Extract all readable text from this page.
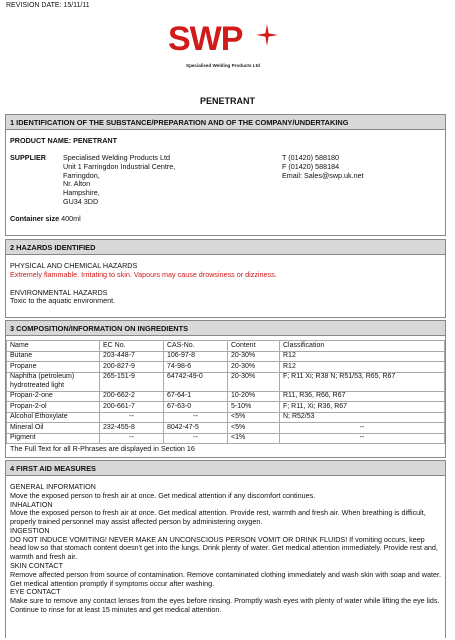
REVISION DATE: 15/11/11
SWP
Specialised Welding Products Ltd
PENETRANT
1 IDENTIFICATION OF THE SUBSTANCE/PREPARATION AND OF THE COMPANY/UNDERTAKING
PRODUCT NAME: PENETRANT
SUPPLIER Specialised Welding Products Ltd
Unit 1 Farringdon Industrial Centre,
Farringdon,
Nr. Alton
Hampshire,
GU34 3DD
T (01420) 588180
F (01420) 588184
Email: Sales@swp.uk.net
Container size 400ml
2 HAZARDS IDENTIFIED
PHYSICAL AND CHEMICAL HAZARDS
Extremely flammable. Irritating to skin. Vapours may cause drowsiness or dizziness.
ENVIRONMENTAL HAZARDS
Toxic to the aquatic environment.
3 COMPOSITION/INFORMATION ON INGREDIENTS
Name	EC No.	CAS-No.	Content	Classification
Butane	203-448-7	106-97-8	20-30%	R12
Propane	200-827-9	74-98-6	20-30%	R12
Naphtha (petroleum) hydrotreated light	265-151-9	64742-49-0	20-30%	F; R11 Xi; R38 N; R51/53, R65, R67
Propan-2-one	200-662-2	67-64-1	10-20%	R11, R36, R66, R67
Propan-2-ol	200-661-7	67-63-0	5-10%	F; R11, Xi; R36, R67
Alcohol Ethoxylate	--	--	<5%	N; R52/53
Mineral Oil	232-455-8	8042-47-5	<5%	--
Pigment	--	--	<1%	--
The Full Text for all R-Phrases are displayed in Section 16
4 FIRST AID MEASURES
GENERAL INFORMATION
Move the exposed person to fresh air at once. Get medical attention if any discomfort continues.
INHALATION
Move the exposed person to fresh air at once. Get medical attention. Provide rest, warmth and fresh air. When breathing is difficult, properly trained personnel may assist affected person by administering oxygen.
INGESTION
DO NOT INDUCE VOMITING! NEVER MAKE AN UNCONSCIOUS PERSON VOMIT OR DRINK FLUIDS! If vomiting occurs, keep head low so that stomach content doesn't get into the lungs. Drink plenty of water. Get medical attention immediately. Provide rest and, warmth and fresh air.
SKIN CONTACT
Remove affected person from source of contamination. Remove contaminated clothing immediately and wash skin with soap and water. Get medical attention promptly if symptoms occur after washing.
EYE CONTACT
Make sure to remove any contact lenses from the eyes before rinsing. Promptly wash eyes with plenty of water while lifting the eye lids. Continue to rinse for at least 15 minutes and get medical attention.
